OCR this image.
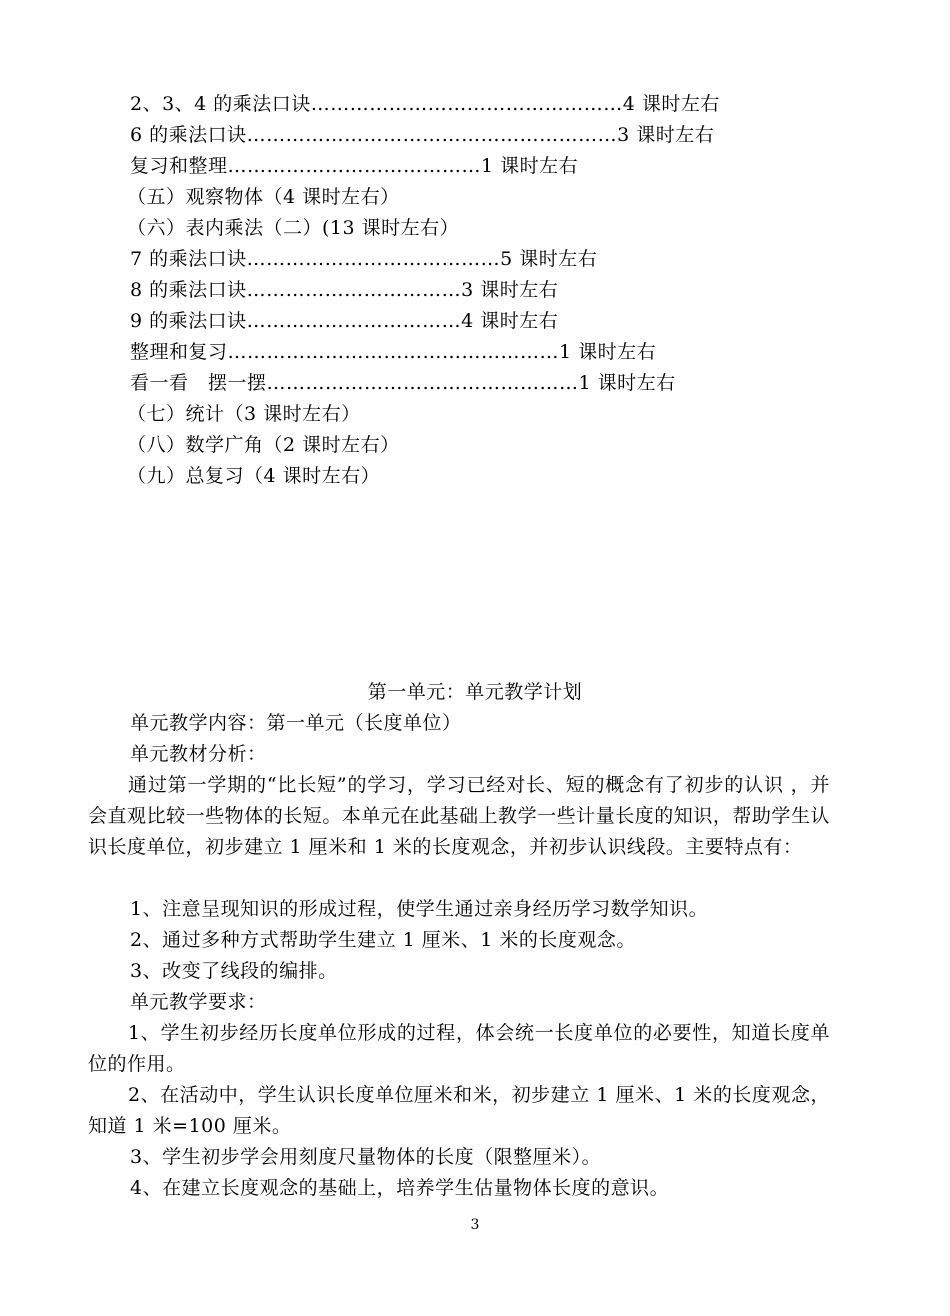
2、3、4 的乘法口诀…………………………………………4 课时左右
6 的乘法口诀…………………………………………………3 课时左右
复习和整理…………………………………1 课时左右
（五）观察物体（4 课时左右）
（六）表内乘法（二）(13 课时左右）
7 的乘法口诀…………………………………5 课时左右
8 的乘法口诀……………………………3 课时左右
9 的乘法口诀……………………………4 课时左右
整理和复习……………………………………………1 课时左右
看一看　摆一摆…………………………………………1 课时左右
（七）统计（3 课时左右）
（八）数学广角（2 课时左右）
（九）总复习（4 课时左右）
第一单元：单元教学计划
单元教学内容：第一单元（长度单位）
单元教材分析：
通过第一学期的“比长短”的学习，学习已经对长、短的概念有了初步的认识 ，并会直观比较一些物体的长短。本单元在此基础上教学一些计量长度的知识，帮助学生认识长度单位，初步建立 1 厘米和 1 米的长度观念，并初步认识线段。主要特点有：
1、注意呈现知识的形成过程，使学生通过亲身经历学习数学知识。
2、通过多种方式帮助学生建立 1 厘米、1 米的长度观念。
3、改变了线段的编排。
单元教学要求：
1、学生初步经历长度单位形成的过程，体会统一长度单位的必要性，知道长度单位的作用。
2、在活动中，学生认识长度单位厘米和米，初步建立 1 厘米、1 米的长度观念，知道 1 米=100 厘米。
3、学生初步学会用刻度尺量物体的长度（限整厘米）。
4、在建立长度观念的基础上，培养学生估量物体长度的意识。
3
